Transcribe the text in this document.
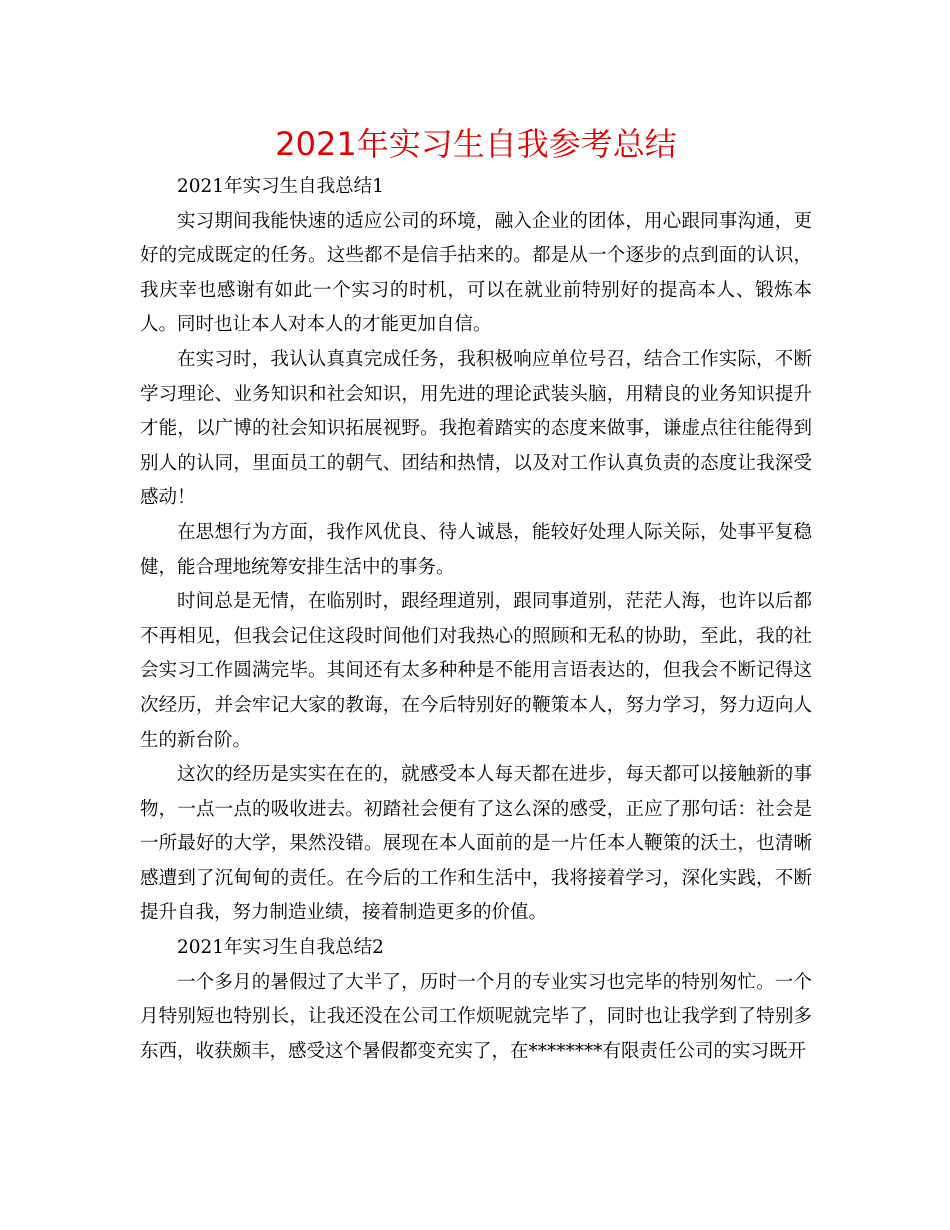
2021年实习生自我参考总结

2021年实习生自我总结1

实习期间我能快速的适应公司的环境，融入企业的团体，用心跟同事沟通，更好的完成既定的任务。这些都不是信手拈来的。都是从一个逐步的点到面的认识，我庆幸也感谢有如此一个实习的时机，可以在就业前特别好的提高本人、锻炼本人。同时也让本人对本人的才能更加自信。

在实习时，我认认真真完成任务，我积极响应单位号召，结合工作实际，不断学习理论、业务知识和社会知识，用先进的理论武装头脑，用精良的业务知识提升才能，以广博的社会知识拓展视野。我抱着踏实的态度来做事，谦虚点往往能得到别人的认同，里面员工的朝气、团结和热情，以及对工作认真负责的态度让我深受感动！

在思想行为方面，我作风优良、待人诚恳，能较好处理人际关际，处事平复稳健，能合理地统筹安排生活中的事务。

时间总是无情，在临别时，跟经理道别，跟同事道别，茫茫人海，也许以后都不再相见，但我会记住这段时间他们对我热心的照顾和无私的协助，至此，我的社会实习工作圆满完毕。其间还有太多种种是不能用言语表达的，但我会不断记得这次经历，并会牢记大家的教诲，在今后特别好的鞭策本人，努力学习，努力迈向人生的新台阶。

这次的经历是实实在在的，就感受本人每天都在进步，每天都可以接触新的事物，一点一点的吸收进去。初踏社会便有了这么深的感受，正应了那句话：社会是一所最好的大学，果然没错。展现在本人面前的是一片任本人鞭策的沃土，也清晰感遭到了沉甸甸的责任。在今后的工作和生活中，我将接着学习，深化实践，不断提升自我，努力制造业绩，接着制造更多的价值。

2021年实习生自我总结2

一个多月的暑假过了大半了，历时一个月的专业实习也完毕的特别匆忙。一个月特别短也特别长，让我还没在公司工作烦呢就完毕了，同时也让我学到了特别多东西，收获颇丰，感受这个暑假都变充实了，在********有限责任公司的实习既开
